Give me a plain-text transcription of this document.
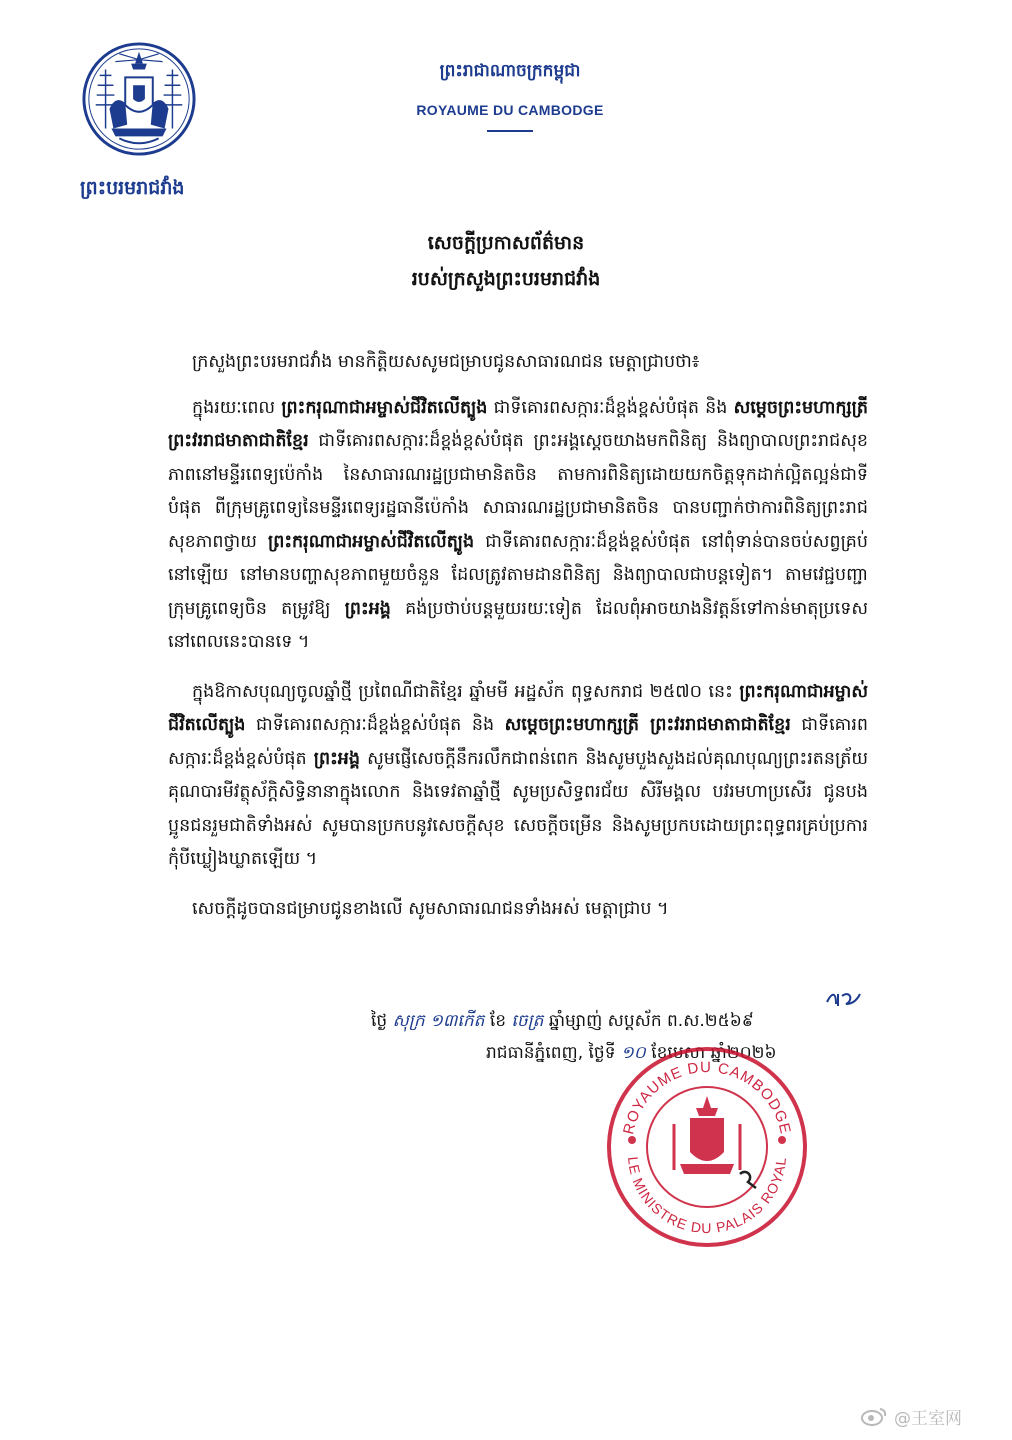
ព្រះបរមរាជវាំង
ព្រះរាជាណាចក្រកម្ពុជា
ROYAUME DU CAMBODGE
សេចក្តីប្រកាសព័ត៌មាន
របស់ក្រសួងព្រះបរមរាជវាំង

ក្រសួងព្រះបរមរាជវាំង មានកិត្តិយសសូមជម្រាបជូនសាធារណជន មេត្តាជ្រាបថា៖

ក្នុងរយៈពេល ព្រះករុណាជាអម្ចាស់ជីវិតលើត្បូង ជាទីគោរពសក្ការៈដ៏ខ្ពង់ខ្ពស់បំផុត និង សម្តេចព្រះមហាក្សត្រី ព្រះវររាជមាតាជាតិខ្មែរ ជាទីគោរពសក្ការៈដ៏ខ្ពង់ខ្ពស់បំផុត ព្រះអង្គស្តេចយាងមកពិនិត្យ និងព្យាបាលព្រះរាជសុខភាពនៅមន្ទីរពេទ្យប៉េកាំង នៃសាធារណរដ្ឋប្រជាមានិតចិន តាមការពិនិត្យដោយយកចិត្តទុកដាក់ល្អិតល្អន់ជាទីបំផុត ពីក្រុមគ្រូពេទ្យនៃមន្ទីរពេទ្យរដ្ឋធានីប៉េកាំង សាធារណរដ្ឋប្រជាមានិតចិន បានបញ្ជាក់ថាការពិនិត្យព្រះរាជសុខភាពថ្វាយ ព្រះករុណាជាអម្ចាស់ជីវិតលើត្បូង ជាទីគោរពសក្ការៈដ៏ខ្ពង់ខ្ពស់បំផុត នៅពុំទាន់បានចប់សព្វគ្រប់នៅឡើយ នៅមានបញ្ហាសុខភាពមួយចំនួន ដែលត្រូវតាមដានពិនិត្យ និងព្យាបាលជាបន្តទៀត។ តាមវេជ្ជបញ្ជាក្រុមគ្រូពេទ្យចិន តម្រូវឱ្យ ព្រះអង្គ គង់ប្រថាប់បន្តមួយរយៈទៀត ដែលពុំអាចយាងនិវត្តន៍ទៅកាន់មាតុប្រទេស នៅពេលនេះបានទេ ។

ក្នុងឱកាសបុណ្យចូលឆ្នាំថ្មី ប្រពៃណីជាតិខ្មែរ ឆ្នាំមមី អដ្ឋស័ក ពុទ្ធសករាជ ២៥៧០ នេះ ព្រះករុណាជាអម្ចាស់ជីវិតលើត្បូង ជាទីគោរពសក្ការៈដ៏ខ្ពង់ខ្ពស់បំផុត និង សម្តេចព្រះមហាក្សត្រី ព្រះវររាជមាតាជាតិខ្មែរ ជាទីគោរពសក្ការៈដ៏ខ្ពង់ខ្ពស់បំផុត ព្រះអង្គ សូមផ្ញើសេចក្តីនឹករលឹកជាពន់ពេក និងសូមបួងសួងដល់គុណបុណ្យព្រះរតនត្រ័យ គុណបារមីវត្ថុស័ក្តិសិទ្ធិនានាក្នុងលោក និងទេវតាឆ្នាំថ្មី សូមប្រសិទ្ធពរជ័យ សិរីមង្គល បវរមហាប្រសើរ ជូនបងប្អូនជនរួមជាតិទាំងអស់ សូមបានប្រកបនូវសេចក្តីសុខ សេចក្តីចម្រើន និងសូមប្រកបដោយព្រះពុទ្ធពរគ្រប់ប្រការ កុំបីឃ្លៀងឃ្លាតឡើយ ។

សេចក្តីដូចបានជម្រាបជូនខាងលើ សូមសាធារណជនទាំងអស់ មេត្តាជ្រាប ។

ថ្ងៃ សុក្រ ១៣កើត ខែ ចេត្រ ឆ្នាំម្សាញ់ សប្តស័ក ព.ស.២៥៦៩
រាជធានីភ្នំពេញ, ថ្ងៃទី ១០ ខែមេសា ឆ្នាំ២០២៦
ROYAUME DU CAMBODGE
LE MINISTRE DU PALAIS ROYAL
@王室网
